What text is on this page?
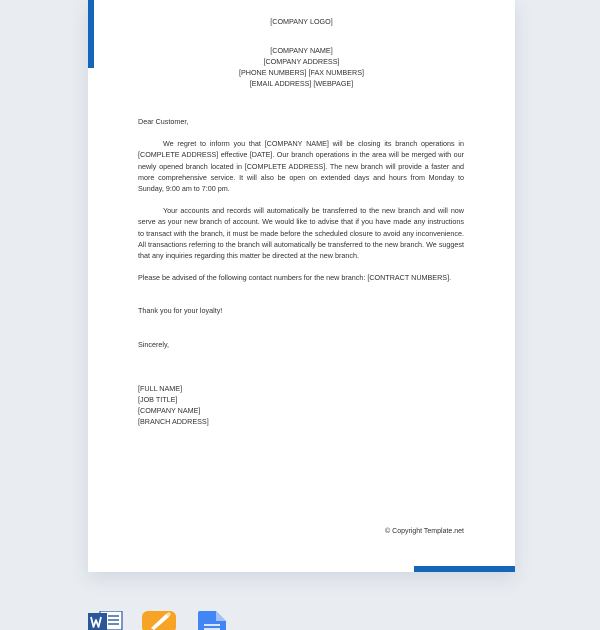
[COMPANY LOGO]
[COMPANY NAME]
[COMPANY ADDRESS]
[PHONE NUMBERS] [FAX NUMBERS]
[EMAIL ADDRESS] [WEBPAGE]

Dear Customer,

We regret to inform you that [COMPANY NAME] will be closing its branch operations in [COMPLETE ADDRESS] effective [DATE]. Our branch operations in the area will be merged with our newly opened branch located in [COMPLETE ADDRESS]. The new branch will provide a faster and more comprehensive service. It will also be open on extended days and hours from Monday to Sunday, 9:00 am to 7:00 pm.

Your accounts and records will automatically be transferred to the new branch and will now serve as your new branch of account. We would like to advise that if you have made any instructions to transact with the branch, it must be made before the scheduled closure to avoid any inconvenience. All transactions referring to the branch will automatically be transferred to the new branch. We suggest that any inquiries regarding this matter be directed at the new branch.

Please be advised of the following contact numbers for the new branch: [CONTRACT NUMBERS].

Thank you for your loyalty!

Sincerely,

[FULL NAME]
[JOB TITLE]
[COMPANY NAME]
[BRANCH ADDRESS]
© Copyright Template.net
